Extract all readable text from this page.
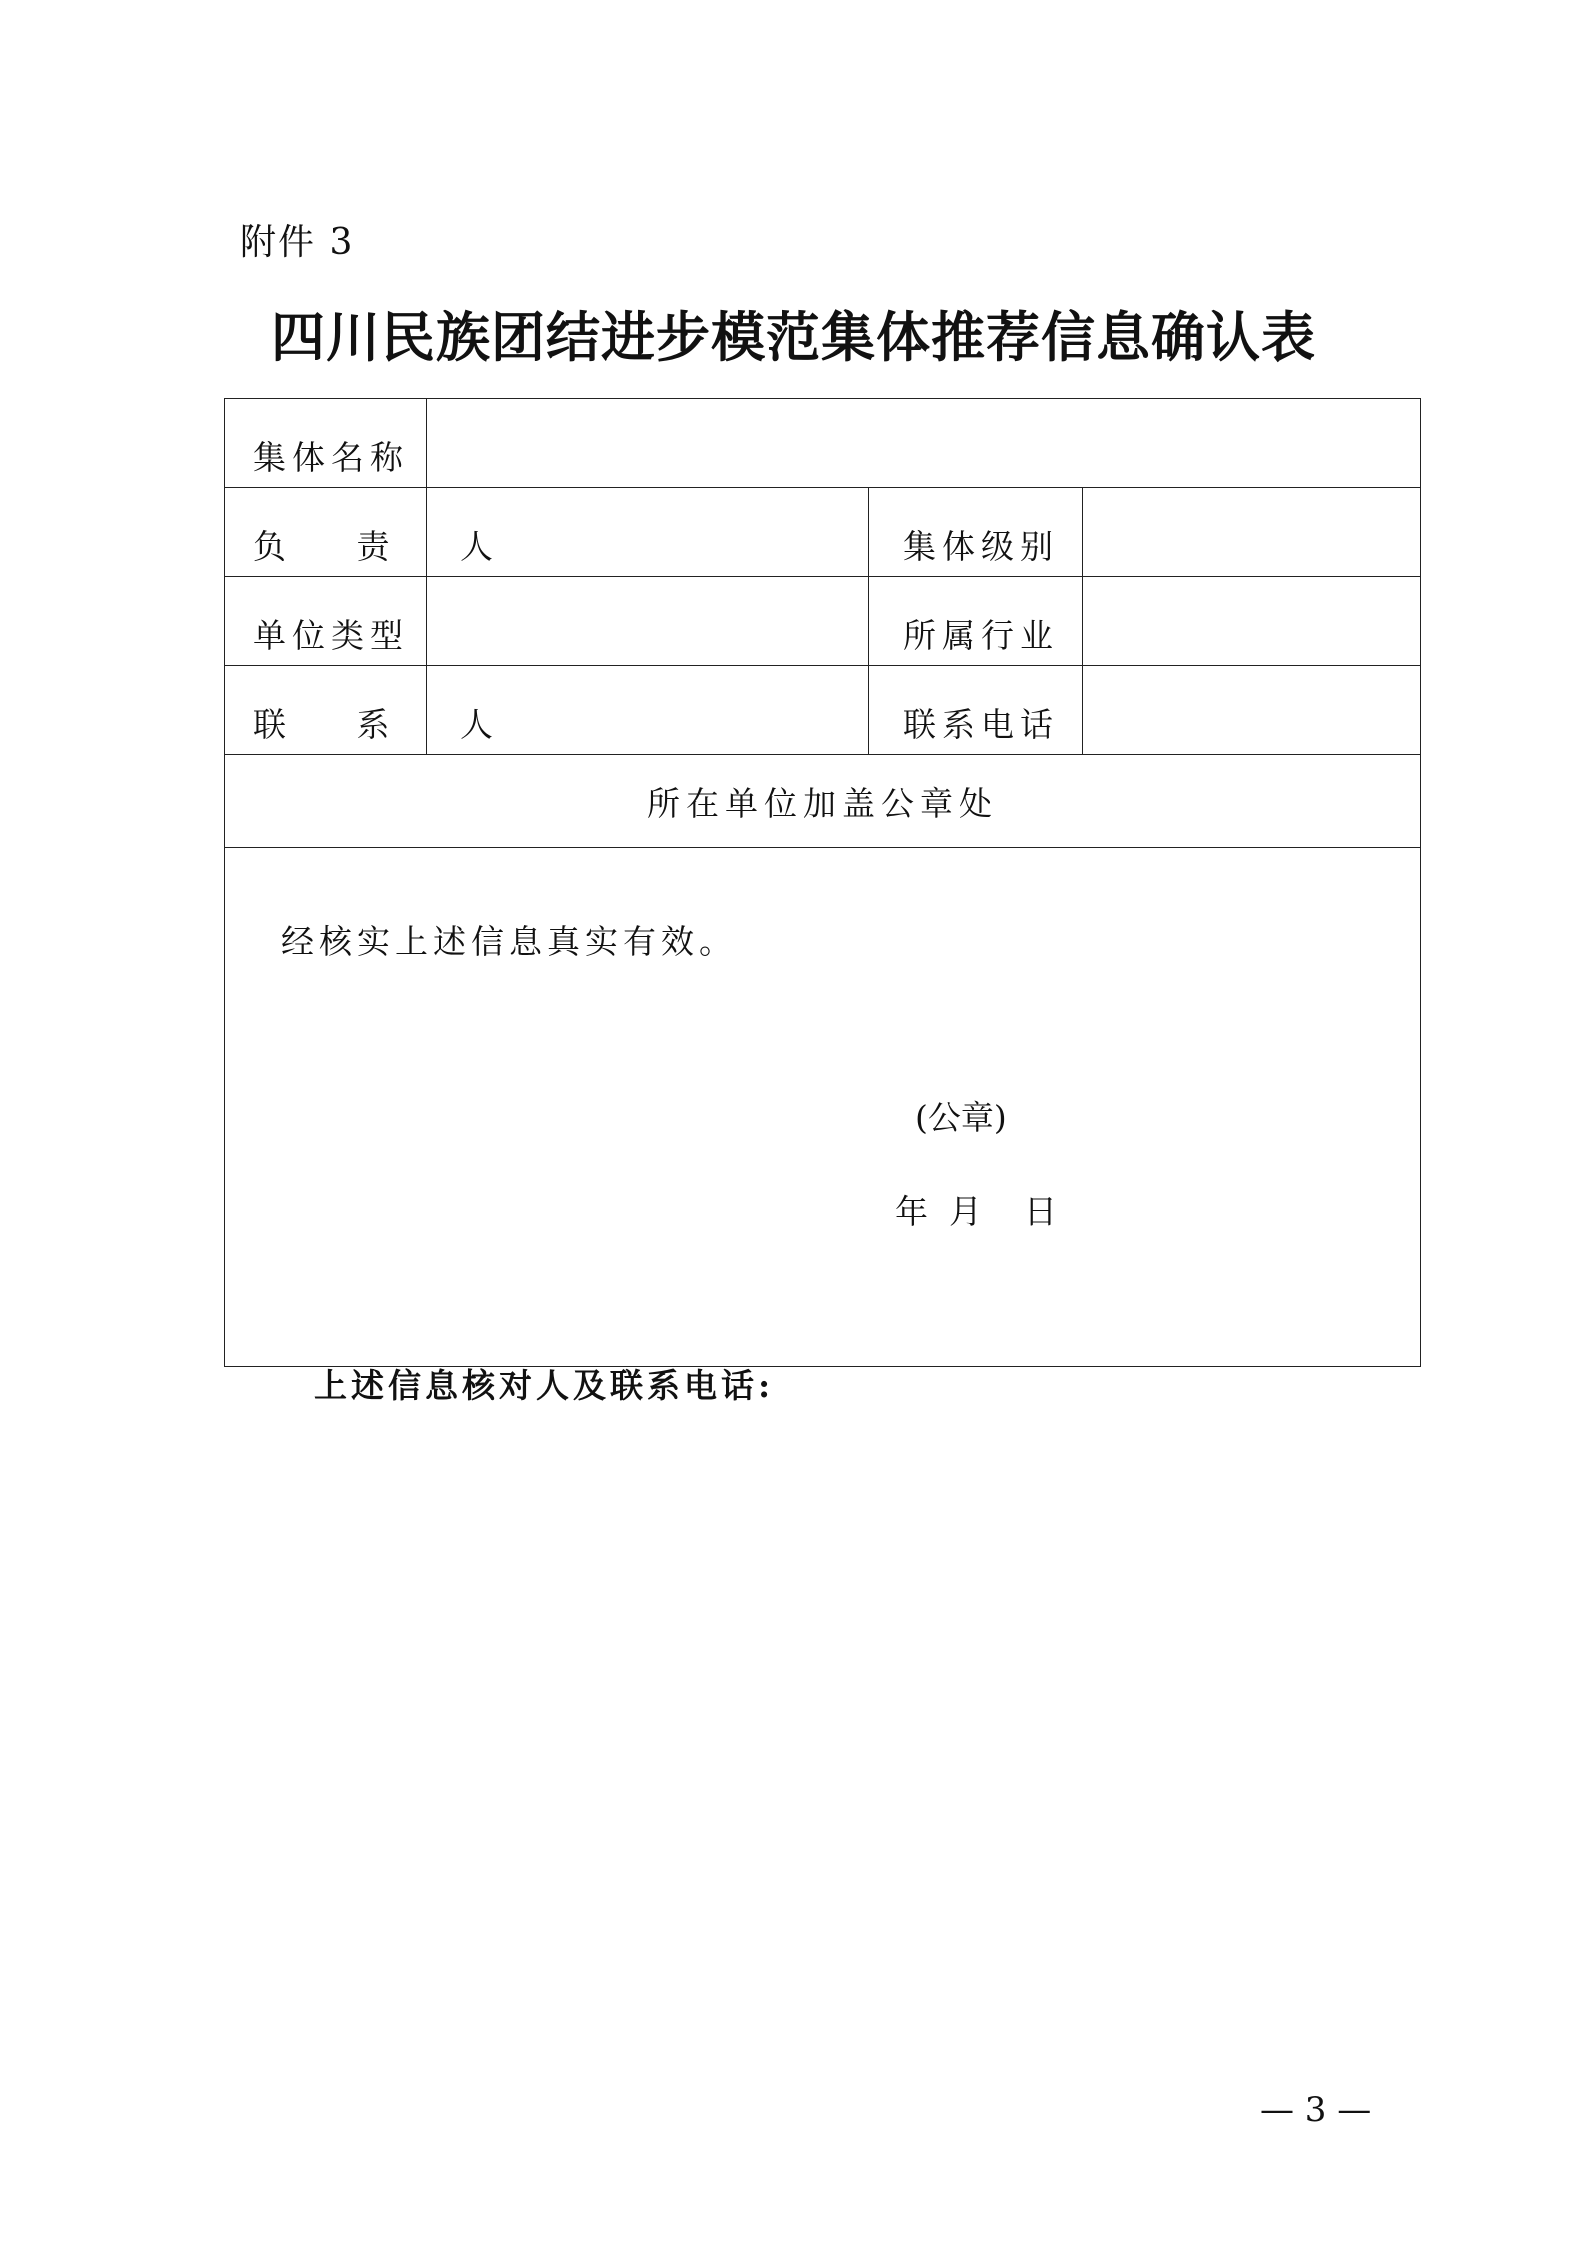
附件 3
四川民族团结进步模范集体推荐信息确认表
集体名称			
负 责 人		集体级别	
单位类型		所属行业	
联 系 人		联系电话	
所在单位加盖公章处			

经核实上述信息真实有效。
(公章)
年  月    日			
上述信息核对人及联系电话:
— 3 —
